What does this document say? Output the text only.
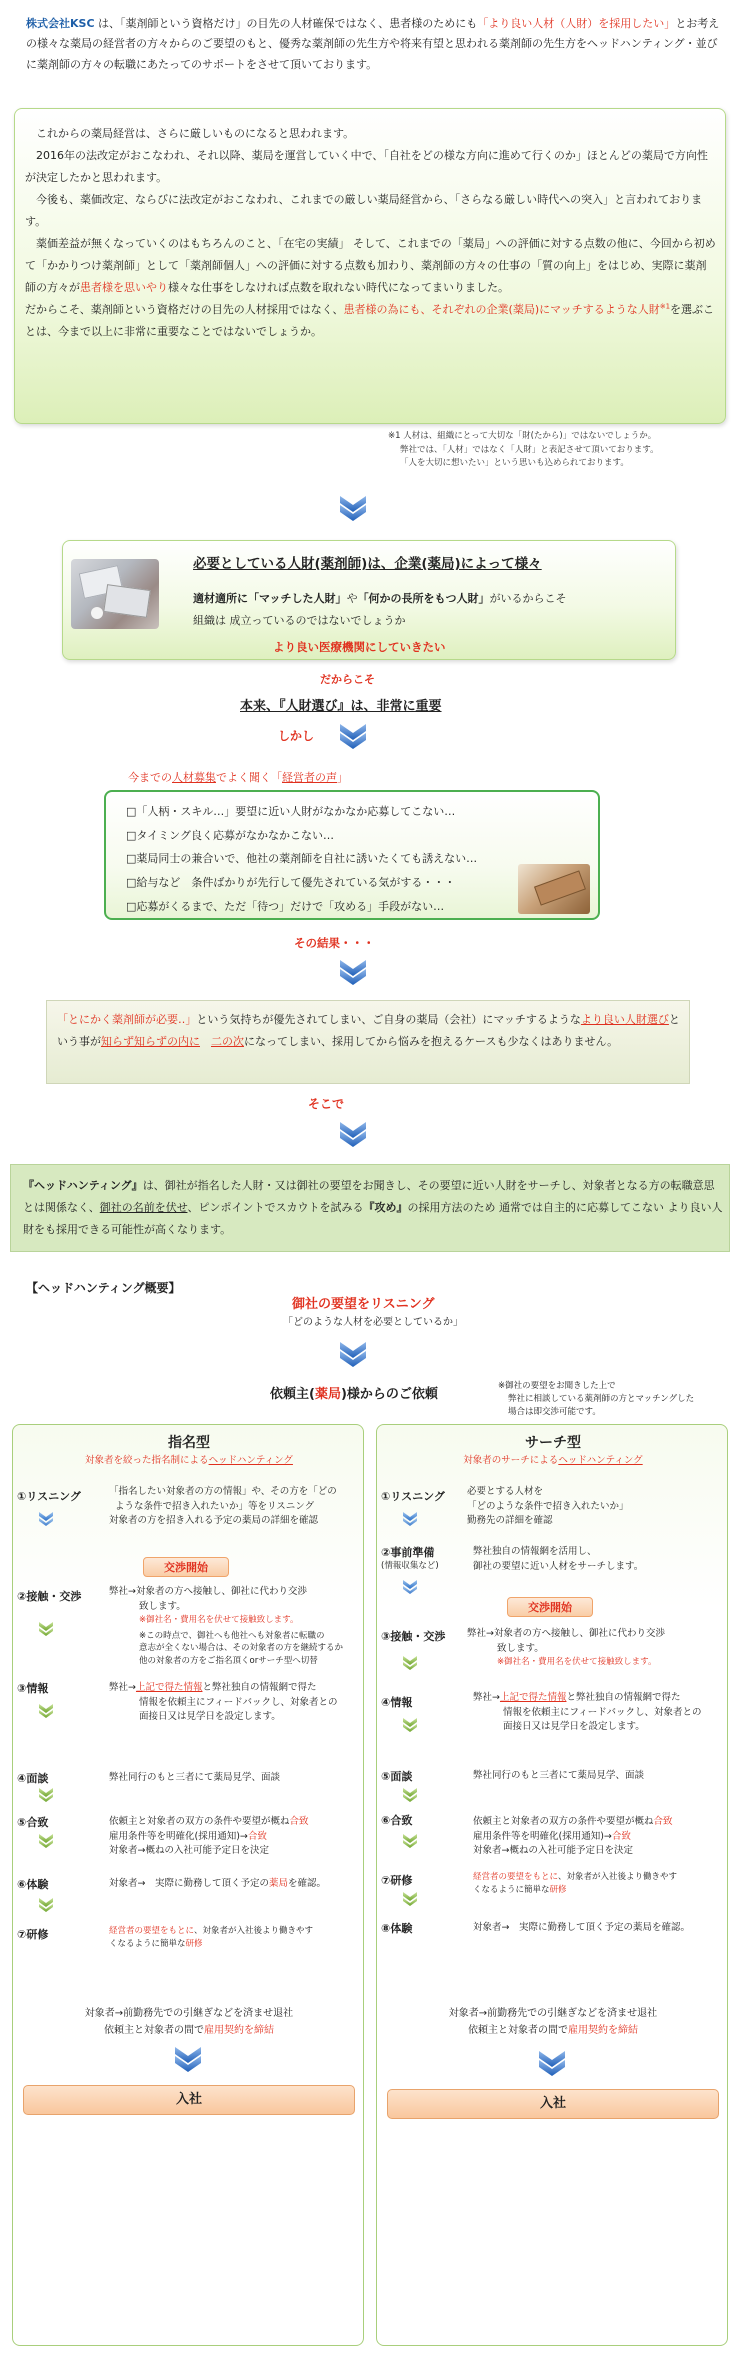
株式会社KSC は、「薬剤師という資格だけ」の目先の人材確保ではなく、患者様のためにも「より良い人材（人財）を採用したい」とお考えの様々な薬局の経営者の方々からのご要望のもと、優秀な薬剤師の先生方や将来有望と思われる薬剤師の先生方をヘッドハンティング・並びに薬剤師の方々の転職にあたってのサポートをさせて頂いております。
これからの薬局経営は、さらに厳しいものになると思われます。
2016年の法改定がおこなわれ、それ以降、薬局を運営していく中で、「自社をどの様な方向に進めて行くのか」ほとんどの薬局で方向性が決定したかと思われます。
今後も、薬価改定、ならびに法改定がおこなわれ、これまでの厳しい薬局経営から、「さらなる厳しい時代への突入」と言われております。
薬価差益が無くなっていくのはもちろんのこと、「在宅の実績」 そして、これまでの「薬局」への評価に対する点数の他に、今回から初めて「かかりつけ薬剤師」として「薬剤師個人」への評価に対する点数も加わり、薬剤師の方々の仕事の「質の向上」をはじめ、実際に薬剤師の方々が患者様を思いやり様々な仕事をしなければ点数を取れない時代になってまいりました。
だからこそ、薬剤師という資格だけの目先の人材採用ではなく、患者様の為にも、それぞれの企業(薬局)にマッチするような人財$^{※1}$を選ぶことは、今まで以上に非常に重要なことではないでしょうか。
※1 人材は、組織にとって大切な「財(たから)」ではないでしょうか。
弊社では、「人材」ではなく「人財」と表記させて頂いております。
「人を大切に想いたい」という思いも込められております。
必要としている人財(薬剤師)は、企業(薬局)によって様々
適材適所に「マッチした人財」や「何かの長所をもつ人財」がいるからこそ
組織は 成立っているのではないでしょうか
より良い医療機関にしていきたい
だからこそ
本来、『人財選び』は、非常に重要
しかし
今までの人材募集でよく聞く「経営者の声」
□「人柄・スキル…」要望に近い人財がなかなか応募してこない…
□タイミング良く応募がなかなかこない…
□薬局同士の兼合いで、他社の薬剤師を自社に誘いたくても誘えない…
□給与など　条件ばかりが先行して優先されている気がする・・・
□応募がくるまで、ただ「待つ」だけで「攻める」手段がない…
その結果・・・
「とにかく薬剤師が必要‥」という気持ちが優先されてしまい、ご自身の薬局（会社）にマッチするようなより良い人財選びという事が知らず知らずの内に　 二の次になってしまい、採用してから悩みを抱えるケースも少なくはありません。
そこで
『ヘッドハンティング』は、御社が指名した人財・又は御社の要望をお聞きし、その要望に近い人財をサーチし、対象者となる方の転職意思とは関係なく、御社の名前を伏せ、ピンポイントでスカウトを試みる『攻め』の採用方法のため 通常では自主的に応募してこない より良い人財をも採用できる可能性が高くなります。
【ヘッドハンティング概要】
御社の要望をリスニング
「どのような人材を必要としているか」
依頼主(薬局)様からのご依頼
※御社の要望をお聞きした上で
弊社に相談している薬剤師の方とマッチングした
場合は即交渉可能です。
指名型
対象者を絞った指名制によるヘッドハンティング
①リスニング	「指名したい対象者の方の情報」や、その方を「どの
ような条件で招き入れたいか」等をリスニング
対象者の方を招き入れる予定の薬局の詳細を確認
交渉開始
②接触・交渉	弊社→対象者の方へ接触し、御社に代わり交渉
致します。
※御社名・費用名を伏せて接触致します。
※この時点で、御社へも他社へも対象者に転職の
意志が全くない場合は、その対象者の方を継続するか
他の対象者の方をご指名頂くorサーチ型へ切替
③情報	弊社→上記で得た情報と弊社独自の情報網で得た
情報を依頼主にフィードバックし、対象者との
面接日又は見学日を設定します。
④面談	弊社同行のもと三者にて薬局見学、面談
⑤合致	依頼主と対象者の双方の条件や要望が概ね合致
雇用条件等を明確化(採用通知)→合致
対象者→概ねの入社可能予定日を決定
⑥体験	対象者→　実際に勤務して頂く予定の薬局を確認。
⑦研修	経営者の要望をもとに、対象者が入社後より働きやす
くなるように簡単な研修
対象者→前勤務先での引継ぎなどを済ませ退社
依頼主と対象者の間で雇用契約を締結
入社
サーチ型
対象者のサーチによるヘッドハンティング
①リスニング 必要とする人材を
「どのような条件で招き入れたいか」
勤務先の詳細を確認
②事前準備
(情報収集など)
弊社独自の情報網を活用し、
御社の要望に近い人材をサーチします。
交渉開始
③接触・交渉 弊社→対象者の方へ接触し、御社に代わり交渉
致します。
※御社名・費用名を伏せて接触致します。
④情報	弊社→上記で得た情報と弊社独自の情報網で得た
情報を依頼主にフィードバックし、対象者との
面接日又は見学日を設定します。
⑤面談	弊社同行のもと三者にて薬局見学、面談
⑥合致	依頼主と対象者の双方の条件や要望が概ね合致
雇用条件等を明確化(採用通知)→合致
対象者→概ねの入社可能予定日を決定
⑦研修	経営者の要望をもとに、対象者が入社後より働きやす
くなるように簡単な研修
⑧体験	対象者→　実際に勤務して頂く予定の薬局を確認。
対象者→前勤務先での引継ぎなどを済ませ退社
依頼主と対象者の間で雇用契約を締結
入社
